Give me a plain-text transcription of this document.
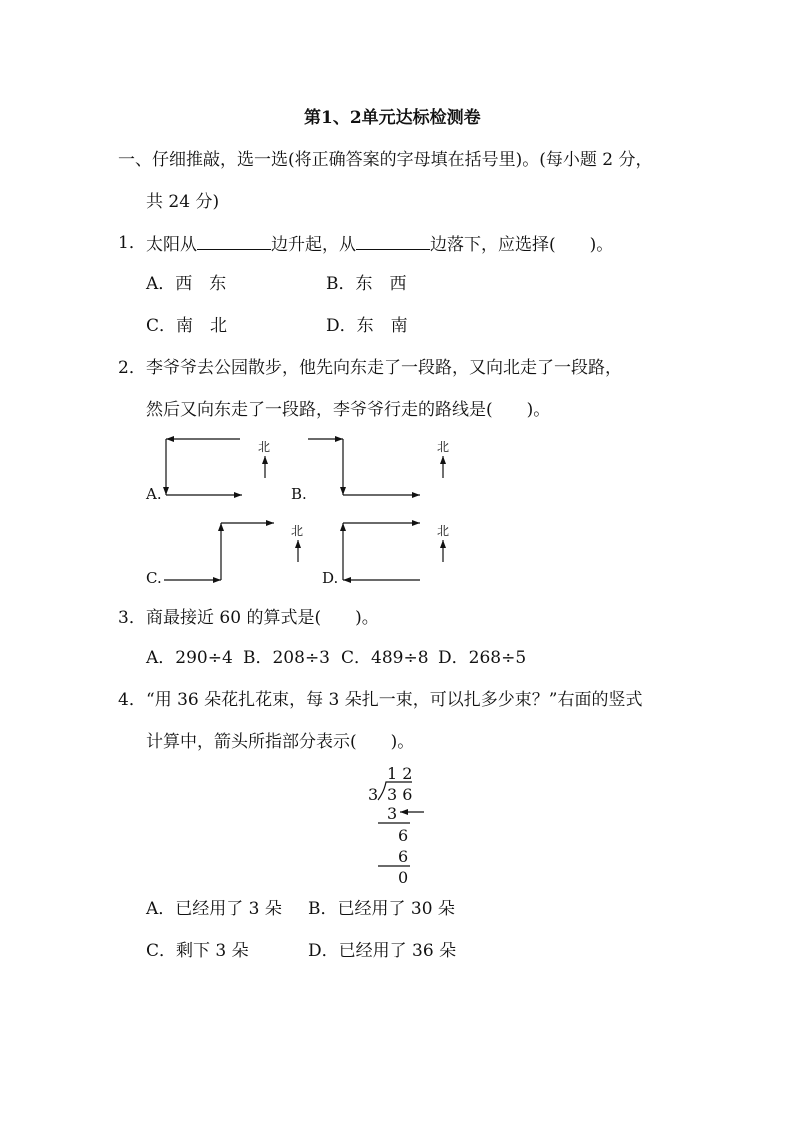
第1、2单元达标检测卷
一、仔细推敲，选一选(将正确答案的字母填在括号里)。(每小题 2 分，
共 24 分)
1． 太阳从	边升起，从	边落下，应选择(　　)。
A．西　东	B．东　西
C．南　北	D．东　南
2． 李爷爷去公园散步，他先向东走了一段路，又向北走了一段路，
然后又向东走了一段路，李爷爷行走的路线是(　　)。
A.	B.
C.	D.
北	北
北	北
3． 商最接近 60 的算式是(　　)。
A．290÷4 B．208÷3 C．489÷8 D．268÷5
4． “用 36 朵花扎花束，每 3 朵扎一束，可以扎多少束？”右面的竖式
计算中，箭头所指部分表示(　　)。
1 2
3 3 6
3
6
6
0
A．已经用了 3 朵 B．已经用了 30 朵
C．剩下 3 朵	D．已经用了 36 朵
